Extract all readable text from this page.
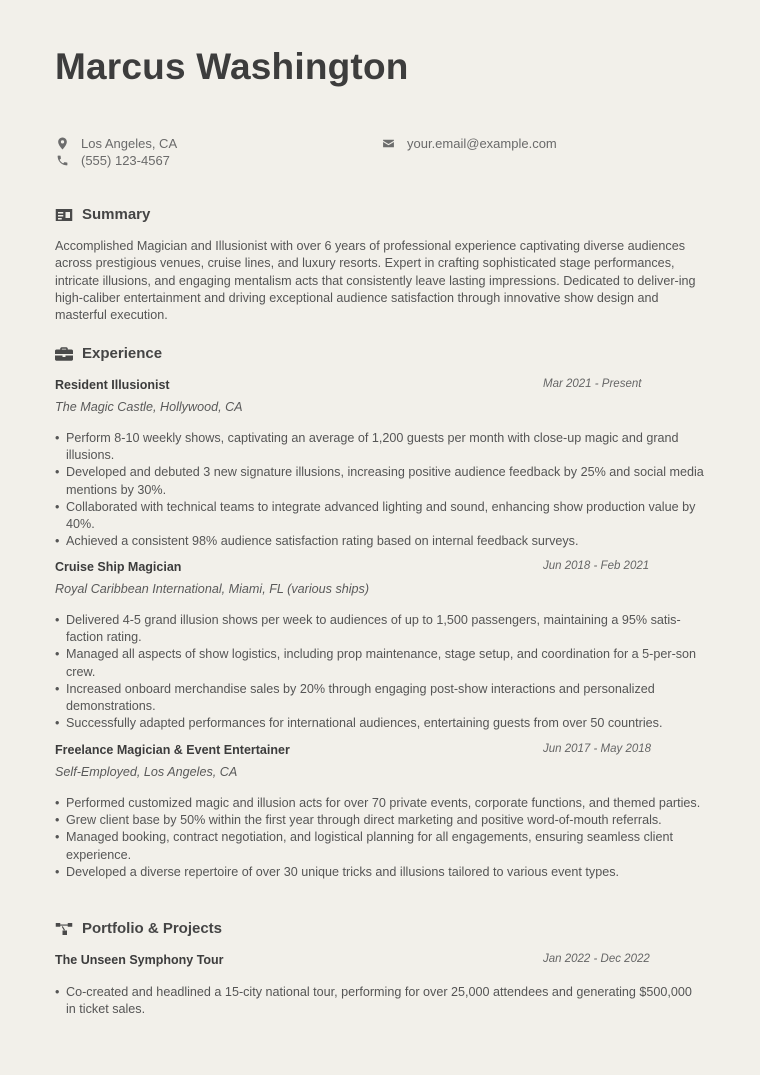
Marcus Washington
Los Angeles, CA
(555) 123-4567
your.email@example.com
Summary

Accomplished Magician and Illusionist with over 6 years of professional experience captivating diverse audiences across prestigious venues, cruise lines, and luxury resorts. Expert in crafting sophisticated stage performances, intricate illusions, and engaging mentalism acts that consistently leave lasting impressions. Dedicated to deliver-ing high-caliber entertainment and driving exceptional audience satisfaction through innovative show design and masterful execution.

Experience
Resident Illusionist	Mar 2021 - Present
The Magic Castle, Hollywood, CA
• Perform 8-10 weekly shows, captivating an average of 1,200 guests per month with close-up magic and grand illusions.
• Developed and debuted 3 new signature illusions, increasing positive audience feedback by 25% and social media mentions by 30%.
• Collaborated with technical teams to integrate advanced lighting and sound, enhancing show production value by 40%.
• Achieved a consistent 98% audience satisfaction rating based on internal feedback surveys.
Cruise Ship Magician	Jun 2018 - Feb 2021
Royal Caribbean International, Miami, FL (various ships)
• Delivered 4-5 grand illusion shows per week to audiences of up to 1,500 passengers, maintaining a 95% satis-faction rating.
• Managed all aspects of show logistics, including prop maintenance, stage setup, and coordination for a 5-per-son crew.
• Increased onboard merchandise sales by 20% through engaging post-show interactions and personalized demonstrations.
• Successfully adapted performances for international audiences, entertaining guests from over 50 countries.
Freelance Magician & Event Entertainer	Jun 2017 - May 2018
Self-Employed, Los Angeles, CA
• Performed customized magic and illusion acts for over 70 private events, corporate functions, and themed parties.
• Grew client base by 50% within the first year through direct marketing and positive word-of-mouth referrals.
• Managed booking, contract negotiation, and logistical planning for all engagements, ensuring seamless client experience.
• Developed a diverse repertoire of over 30 unique tricks and illusions tailored to various event types.
Portfolio & Projects
The Unseen Symphony Tour	Jan 2022 - Dec 2022
• Co-created and headlined a 15-city national tour, performing for over 25,000 attendees and generating $500,000 in ticket sales.
